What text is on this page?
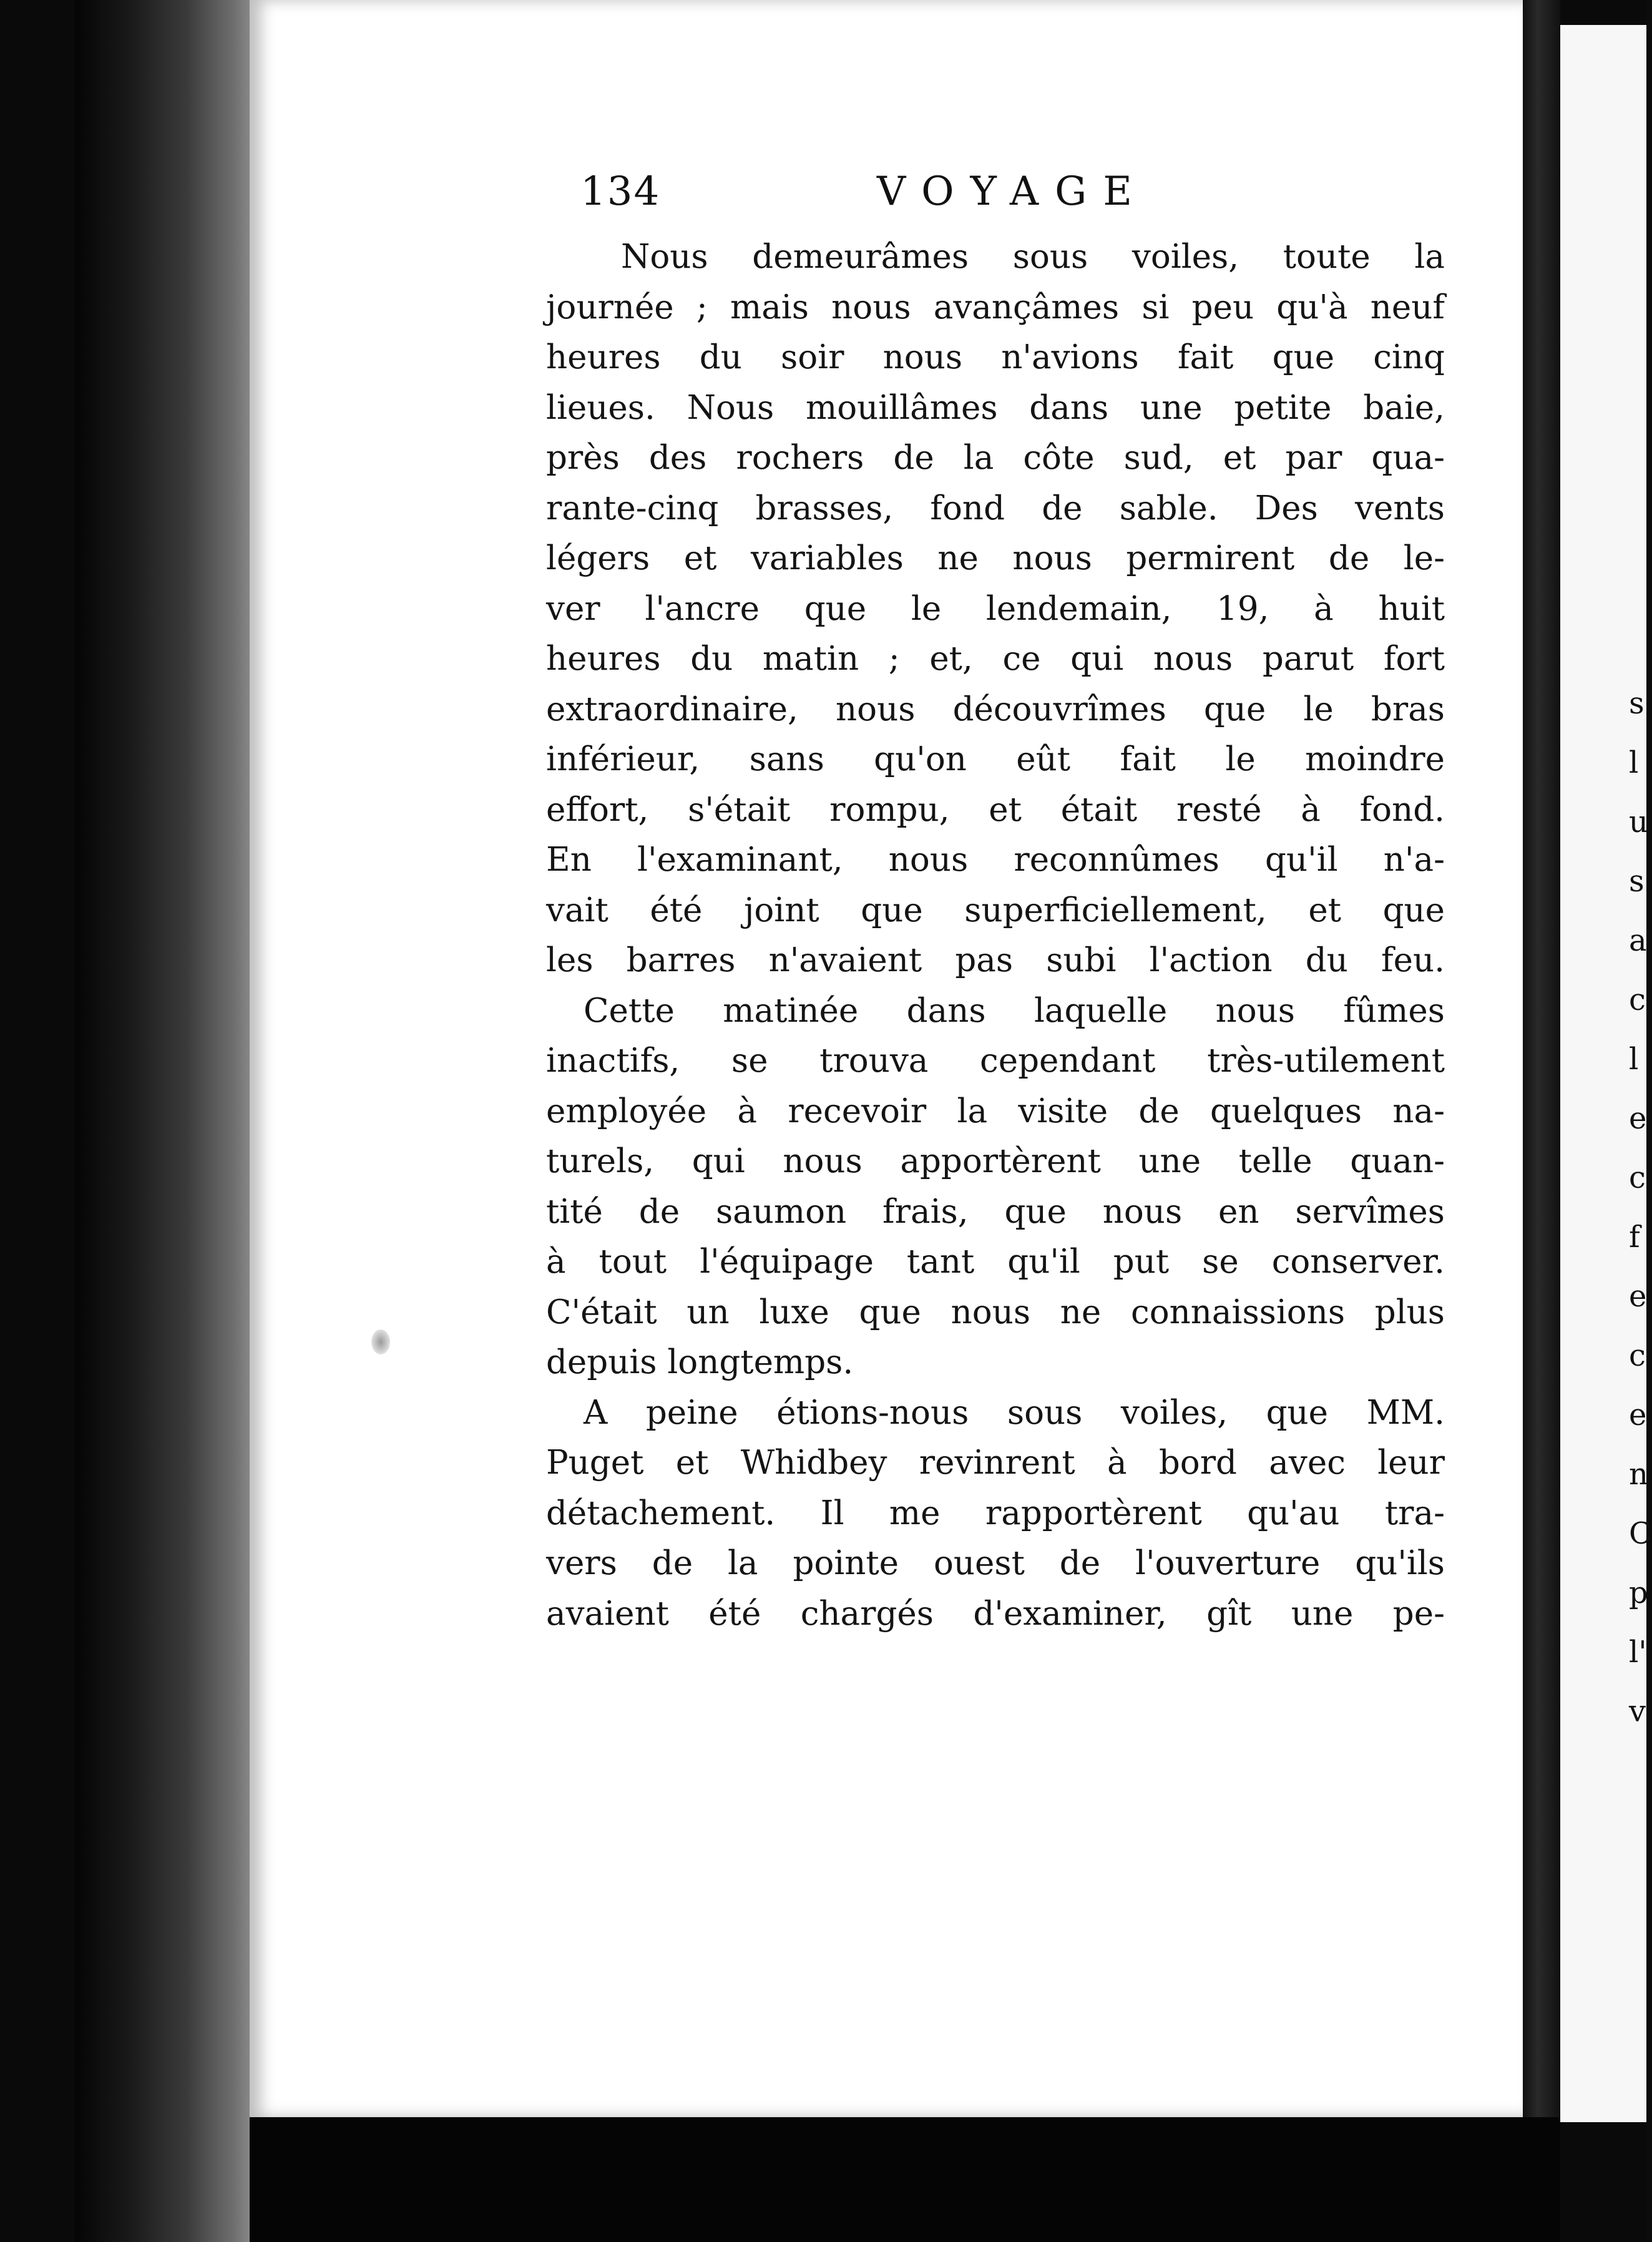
134	VOYAGE
Nous demeurâmes sous voiles, toute la
journée ; mais nous avançâmes si peu qu'à neuf
heures du soir nous n'avions fait que cinq
lieues. Nous mouillâmes dans une petite baie,
près des rochers de la côte sud, et par qua-
rante-cinq brasses, fond de sable. Des vents
légers et variables ne nous permirent de le-
ver l'ancre que le lendemain, 19, à huit
heures du matin ; et, ce qui nous parut fort
extraordinaire, nous découvrîmes que le bras
inférieur, sans qu'on eût fait le moindre
effort, s'était rompu, et était resté à fond.
En l'examinant, nous reconnûmes qu'il n'a-
vait été joint que superficiellement, et que
les barres n'avaient pas subi l'action du feu.
Cette matinée dans laquelle nous fûmes
inactifs, se trouva cependant très-utilement
employée à recevoir la visite de quelques na-
turels, qui nous apportèrent une telle quan-
tité de saumon frais, que nous en servîmes
à tout l'équipage tant qu'il put se conserver.
C'était un luxe que nous ne connaissions plus
depuis longtemps.
A peine étions-nous sous voiles, que MM.
Puget et Whidbey revinrent à bord avec leur
détachement. Il me rapportèrent qu'au tra-
vers de la pointe ouest de l'ouverture qu'ils
avaient été chargés d'examiner, gît une pe-
s
l
u
s
a
c
l
e
c
f
e
c
e
n
C
p
l'
v
